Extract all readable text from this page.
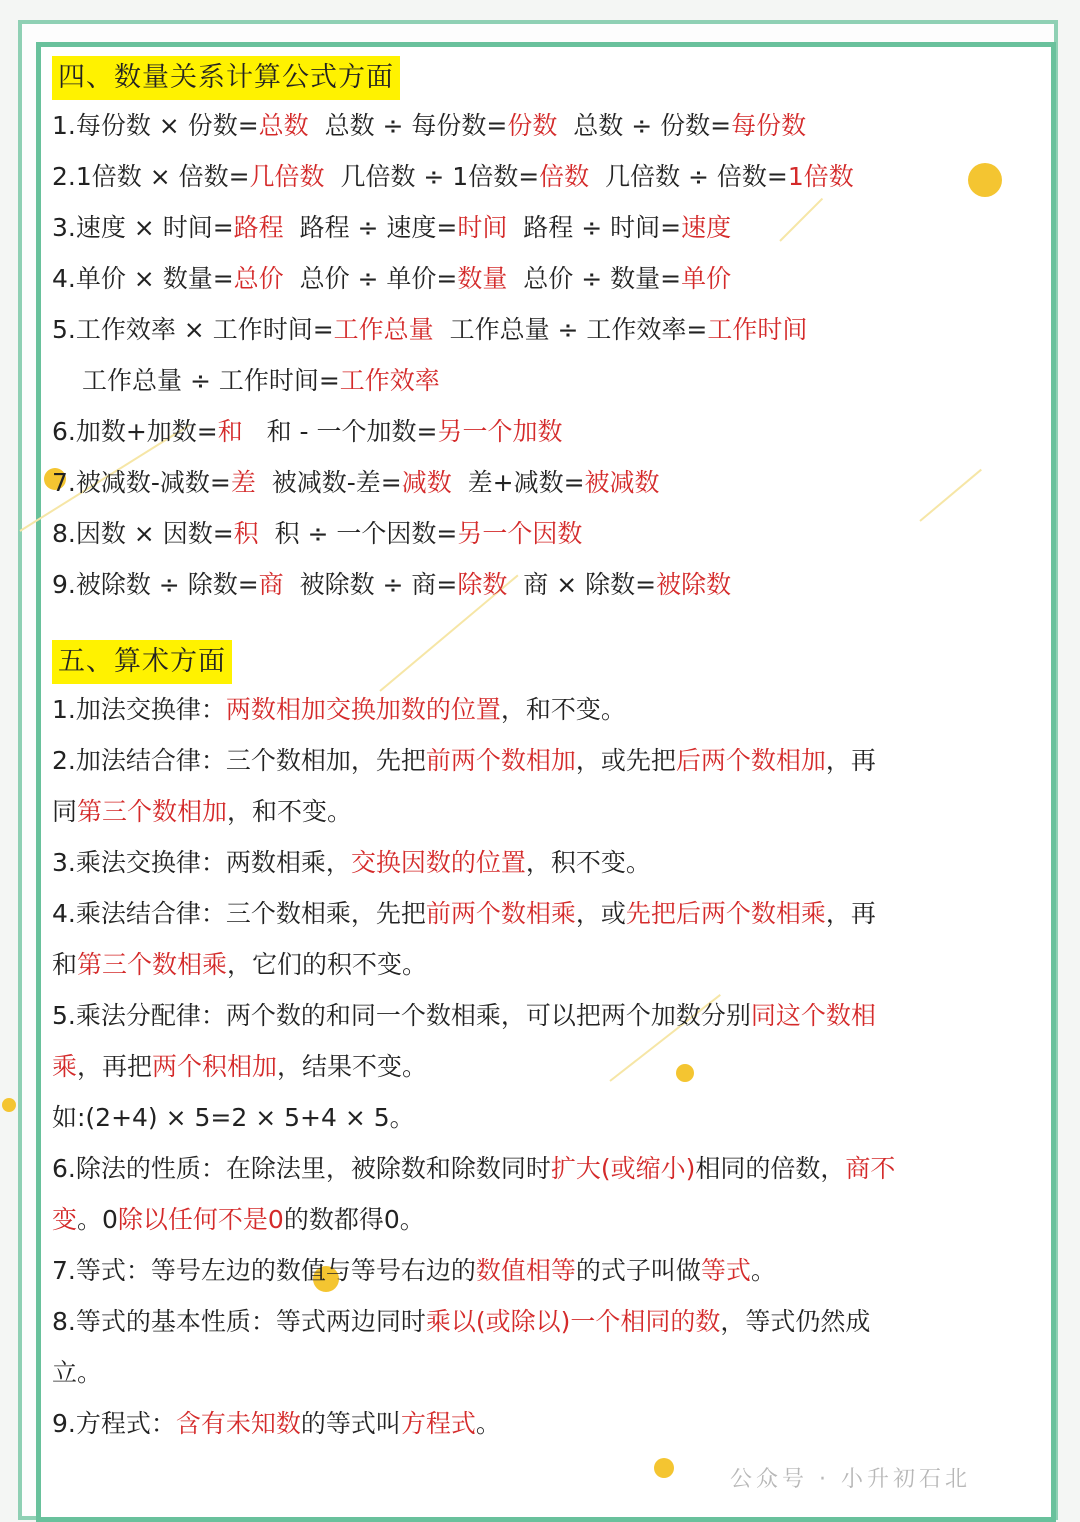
四、数量关系计算公式方面
1.每份数 × 份数=总数  总数 ÷ 每份数=份数  总数 ÷ 份数=每份数
2.1倍数 × 倍数=几倍数  几倍数 ÷ 1倍数=倍数  几倍数 ÷ 倍数=1倍数
3.速度 × 时间=路程  路程 ÷ 速度=时间  路程 ÷ 时间=速度
4.单价 × 数量=总价  总价 ÷ 单价=数量  总价 ÷ 数量=单价
5.工作效率 × 工作时间=工作总量  工作总量 ÷ 工作效率=工作时间
工作总量 ÷ 工作时间=工作效率
6.加数+加数=和   和 - 一个加数=另一个加数
7.被减数-减数=差  被减数-差=减数  差+减数=被减数
8.因数 × 因数=积  积 ÷ 一个因数=另一个因数
9.被除数 ÷ 除数=商  被除数 ÷ 商=除数  商 × 除数=被除数
五、算术方面
1.加法交换律：两数相加交换加数的位置，和不变。
2.加法结合律：三个数相加，先把前两个数相加，或先把后两个数相加，再
同第三个数相加，和不变。
3.乘法交换律：两数相乘，交换因数的位置，积不变。
4.乘法结合律：三个数相乘，先把前两个数相乘，或先把后两个数相乘，再
和第三个数相乘，它们的积不变。
5.乘法分配律：两个数的和同一个数相乘，可以把两个加数分别同这个数相
乘，再把两个积相加，结果不变。
如:(2+4) × 5=2 × 5+4 × 5。
6.除法的性质：在除法里，被除数和除数同时扩大(或缩小)相同的倍数，商不
变。0除以任何不是0的数都得0。
7.等式：等号左边的数值与等号右边的数值相等的式子叫做等式。
8.等式的基本性质：等式两边同时乘以(或除以)一个相同的数，等式仍然成
立。
9.方程式：含有未知数的等式叫方程式。
公众号 · 小升初石北
